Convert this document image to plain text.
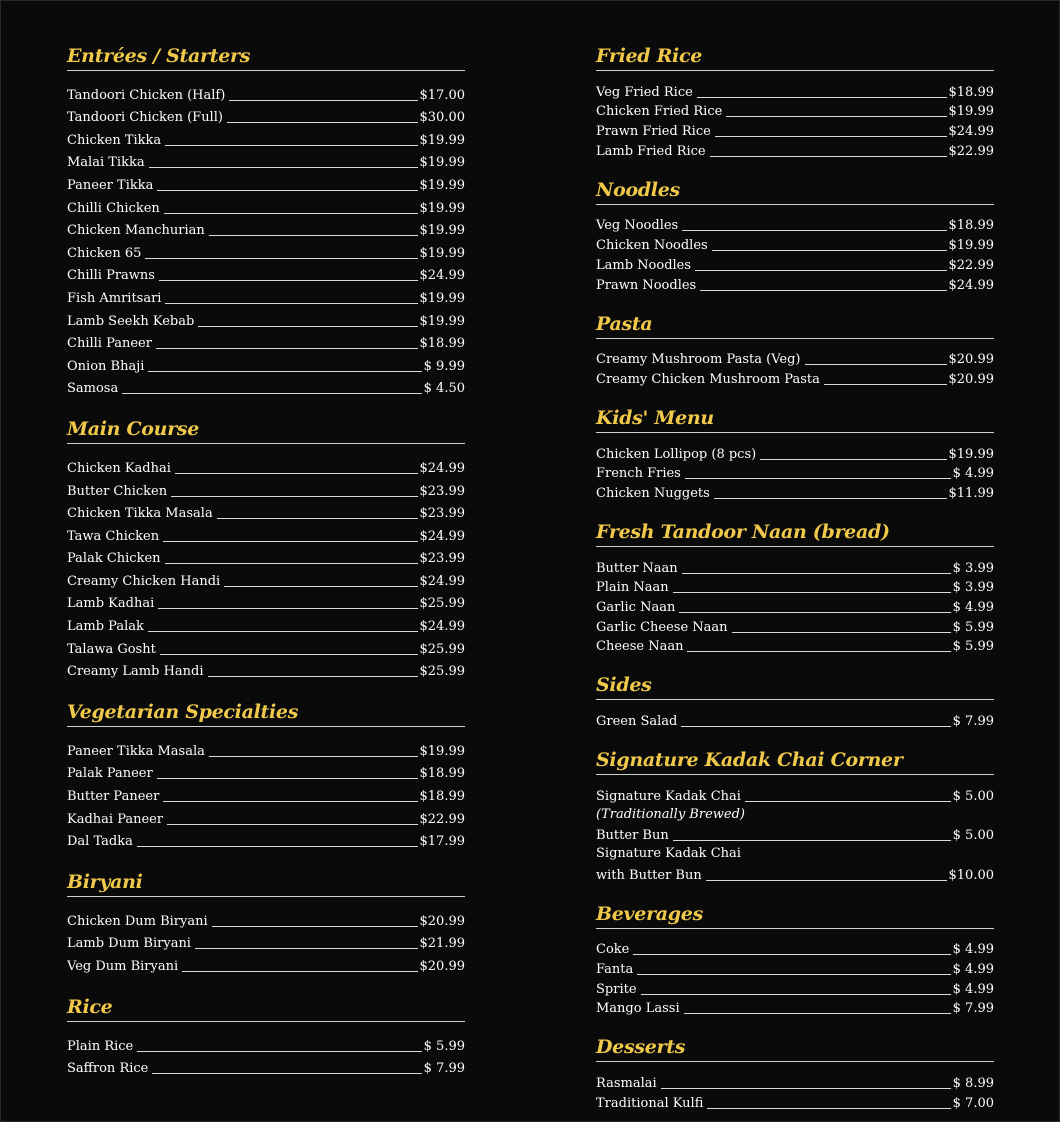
Entrées / Starters
Tandoori Chicken (Half)	$17.00
Tandoori Chicken (Full)	$30.00
Chicken Tikka	$19.99
Malai Tikka	$19.99
Paneer Tikka	$19.99
Chilli Chicken	$19.99
Chicken Manchurian	$19.99
Chicken 65	$19.99
Chilli Prawns	$24.99
Fish Amritsari	$19.99
Lamb Seekh Kebab	$19.99
Chilli Paneer	$18.99
Onion Bhaji	$ 9.99
Samosa	$ 4.50
Main Course
Chicken Kadhai	$24.99
Butter Chicken	$23.99
Chicken Tikka Masala	$23.99
Tawa Chicken	$24.99
Palak Chicken	$23.99
Creamy Chicken Handi	$24.99
Lamb Kadhai	$25.99
Lamb Palak	$24.99
Talawa Gosht	$25.99
Creamy Lamb Handi	$25.99
Vegetarian Specialties
Paneer Tikka Masala	$19.99
Palak Paneer	$18.99
Butter Paneer	$18.99
Kadhai Paneer	$22.99
Dal Tadka	$17.99
Biryani
Chicken Dum Biryani	$20.99
Lamb Dum Biryani	$21.99
Veg Dum Biryani	$20.99
Rice
Plain Rice	$ 5.99
Saffron Rice	$ 7.99
Fried Rice
Veg Fried Rice	$18.99
Chicken Fried Rice	$19.99
Prawn Fried Rice	$24.99
Lamb Fried Rice	$22.99
Noodles
Veg Noodles	$18.99
Chicken Noodles	$19.99
Lamb Noodles	$22.99
Prawn Noodles	$24.99
Pasta
Creamy Mushroom Pasta (Veg)	$20.99
Creamy Chicken Mushroom Pasta	$20.99
Kids' Menu
Chicken Lollipop (8 pcs)	$19.99
French Fries	$ 4.99
Chicken Nuggets	$11.99
Fresh Tandoor Naan (bread)
Butter Naan	$ 3.99
Plain Naan	$ 3.99
Garlic Naan	$ 4.99
Garlic Cheese Naan	$ 5.99
Cheese Naan	$ 5.99
Sides
Green Salad	$ 7.99
Signature Kadak Chai Corner
Signature Kadak Chai	$ 5.00
(Traditionally Brewed)
Butter Bun	$ 5.00
Signature Kadak Chai
with Butter Bun	$10.00
Beverages
Coke	$ 4.99
Fanta	$ 4.99
Sprite	$ 4.99
Mango Lassi	$ 7.99
Desserts
Rasmalai	$ 8.99
Traditional Kulfi	$ 7.00
